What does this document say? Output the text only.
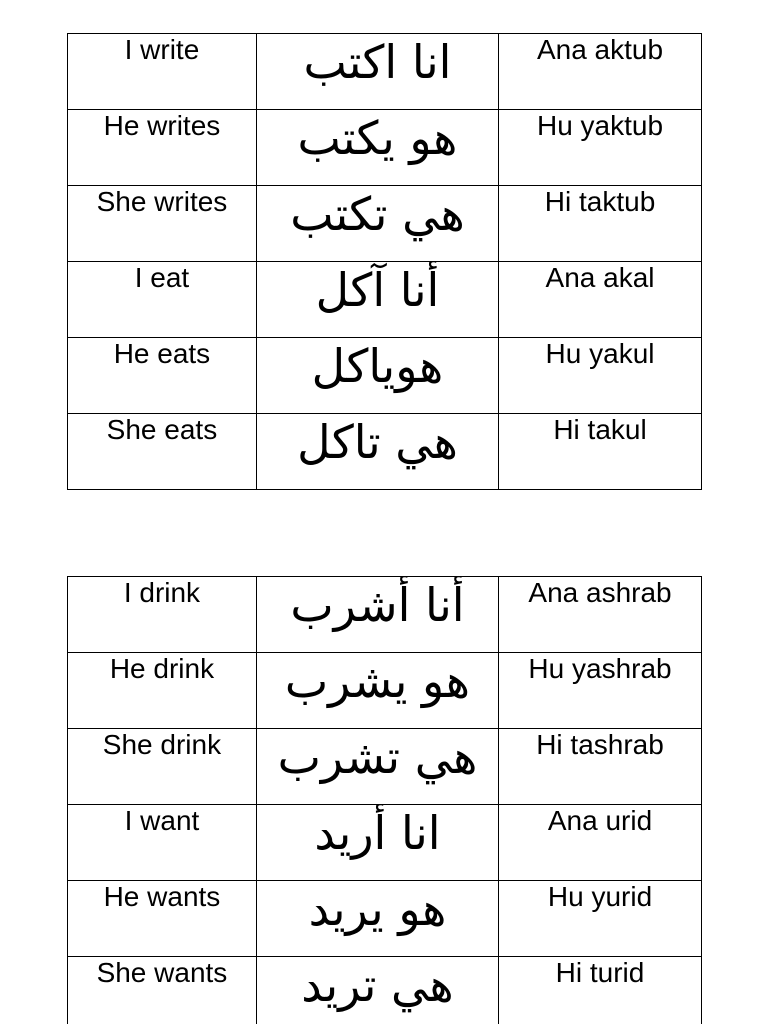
I write	انا اكتب	Ana aktub
He writes	هو يكتب	Hu yaktub
She writes	هي تكتب	Hi taktub
I eat	أنا آكل	Ana akal
He eats	هوياكل	Hu yakul
She eats	هي تاكل	Hi takul
I drink	أنا أشرب	Ana ashrab
He drink	هو يشرب	Hu yashrab
She drink	هي تشرب	Hi tashrab
I want	انا أريد	Ana urid
He wants	هو يريد	Hu yurid
She wants	هي تريد	Hi turid
